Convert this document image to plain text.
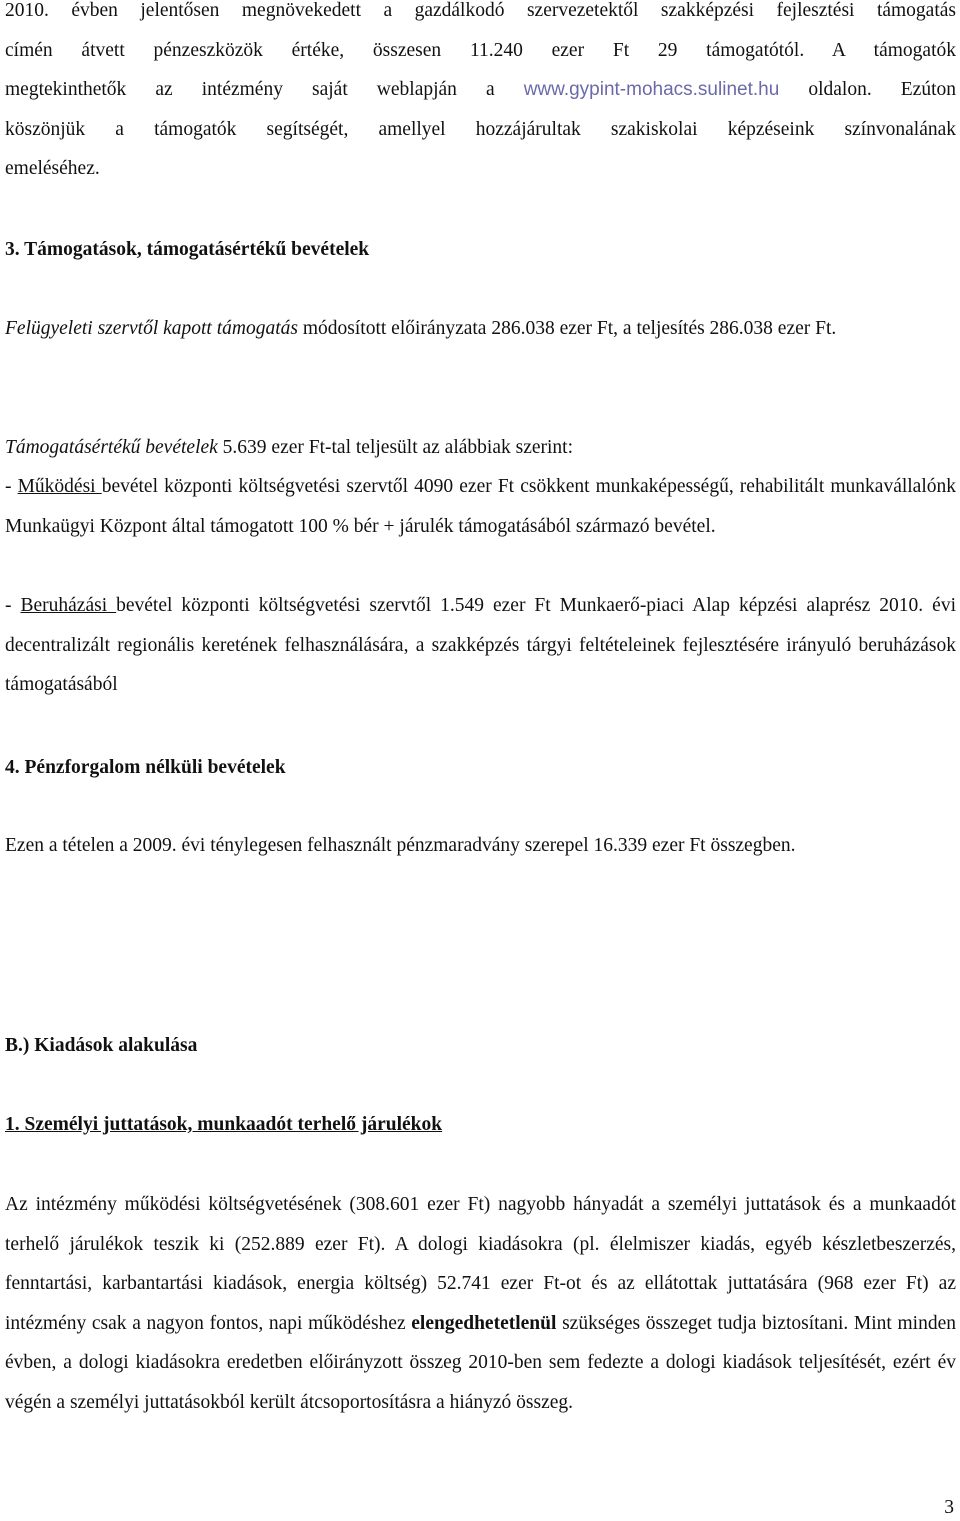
2010. évben jelentősen megnövekedett a gazdálkodó szervezetektől szakképzési fejlesztési támogatás

címén átvett pénzeszközök értéke, összesen 11.240 ezer Ft 29 támogatótól. A támogatók

megtekinthetők az intézmény saját weblapján a www.gypint-mohacs.sulinet.hu oldalon. Ezúton

köszönjük a támogatók segítségét, amellyel hozzájárultak szakiskolai képzéseink színvonalának

emeléséhez.

3. Támogatások, támogatásértékű bevételek

Felügyeleti szervtől kapott támogatás módosított előirányzata 286.038 ezer Ft, a teljesítés 286.038 ezer Ft.

Támogatásértékű bevételek 5.639 ezer Ft-tal teljesült az alábbiak szerint:

- Működési bevétel központi költségvetési szervtől 4090 ezer Ft csökkent munkaképességű, rehabilitált munkavállalónk Munkaügyi Központ által támogatott 100 % bér + járulék támogatásából származó bevétel.

- Beruházási bevétel központi költségvetési szervtől 1.549 ezer Ft Munkaerő-piaci Alap képzési alaprész 2010. évi decentralizált regionális keretének felhasználására, a szakképzés tárgyi feltételeinek fejlesztésére irányuló beruházások támogatásából

4. Pénzforgalom nélküli bevételek

Ezen a tételen a 2009. évi ténylegesen felhasznált pénzmaradvány szerepel 16.339 ezer Ft összegben.

B.) Kiadások alakulása

1. Személyi juttatások, munkaadót terhelő járulékok

Az intézmény működési költségvetésének (308.601 ezer Ft) nagyobb hányadát a személyi juttatások és a munkaadót terhelő járulékok teszik ki (252.889 ezer Ft). A dologi kiadásokra (pl. élelmiszer kiadás, egyéb készletbeszerzés, fenntartási, karbantartási kiadások, energia költség) 52.741 ezer Ft-ot és az ellátottak juttatására (968 ezer Ft) az intézmény csak a nagyon fontos, napi működéshez elengedhetetlenül szükséges összeget tudja biztosítani. Mint minden évben, a dologi kiadásokra eredetben előirányzott összeg 2010-ben sem fedezte a dologi kiadások teljesítését, ezért év végén a személyi juttatásokból került átcsoportosításra a hiányzó összeg.

3
